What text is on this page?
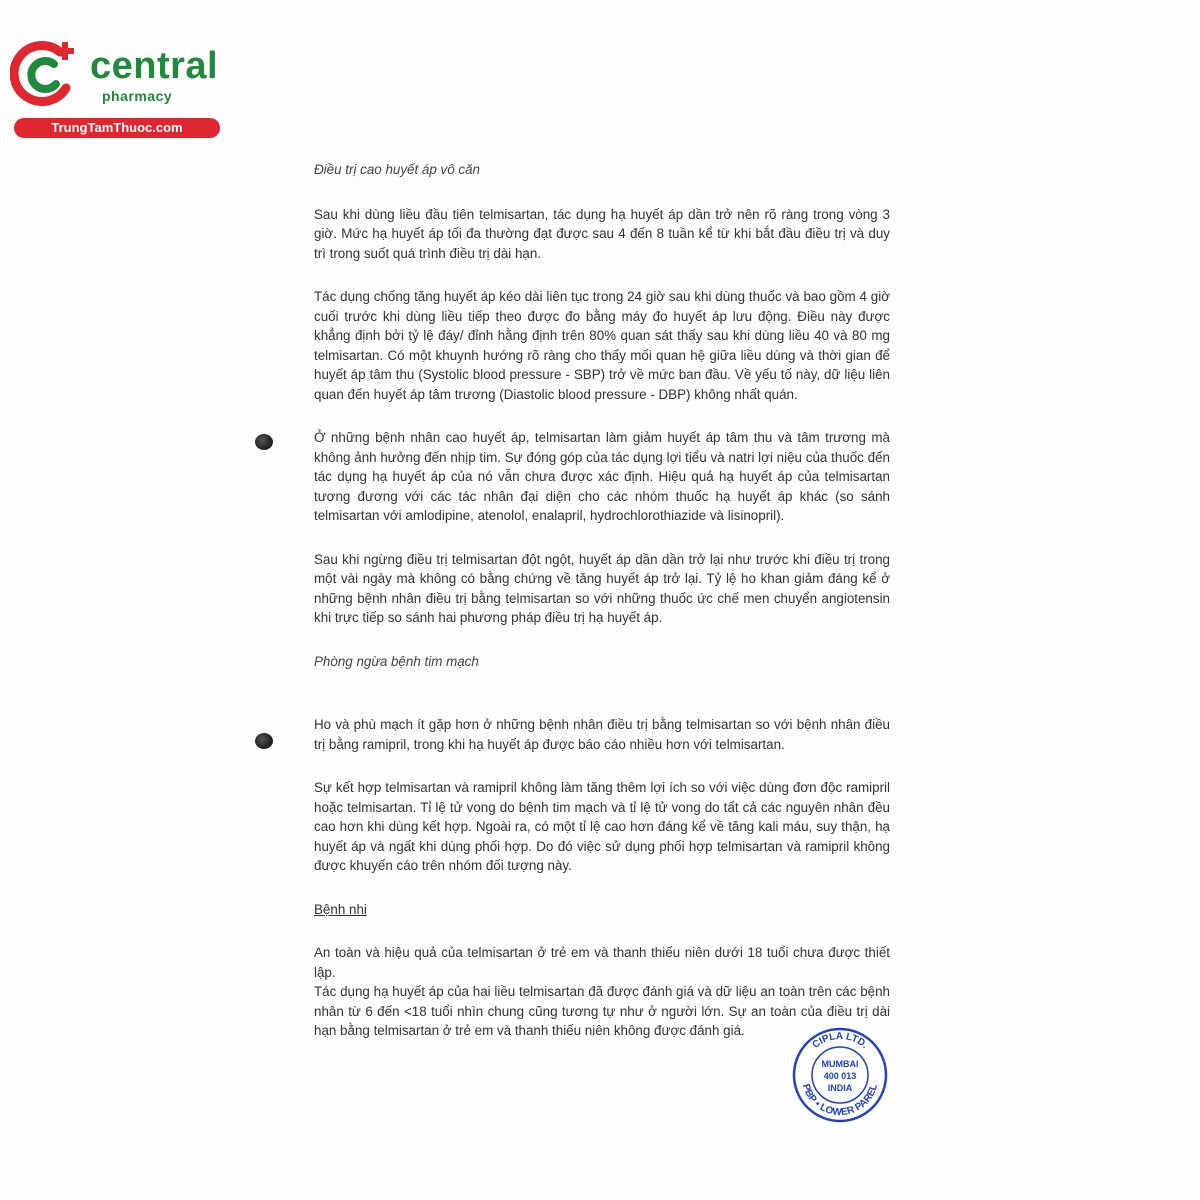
central
pharmacy
TrungTamThuoc.com

Điều trị cao huyết áp vô căn

Sau khi dùng liều đầu tiên telmisartan, tác dụng hạ huyết áp dần trở nên rõ ràng trong vòng 3 giờ. Mức hạ huyết áp tối đa thường đạt được sau 4 đến 8 tuần kể từ khi bắt đầu điều trị và duy trì trong suốt quá trình điều trị dài hạn.

Tác dụng chống tăng huyết áp kéo dài liên tục trong 24 giờ sau khi dùng thuốc và bao gồm 4 giờ cuối trước khi dùng liều tiếp theo được đo bằng máy đo huyết áp lưu động. Điều này được khẳng định bởi tỷ lệ đáy/ đỉnh hằng định trên 80% quan sát thấy sau khi dùng liều 40 và 80 mg telmisartan. Có một khuynh hướng rõ ràng cho thấy mối quan hệ giữa liều dùng và thời gian để huyết áp tâm thu (Systolic blood pressure - SBP) trở về mức ban đầu. Về yếu tố này, dữ liệu liên quan đến huyết áp tâm trương (Diastolic blood pressure - DBP) không nhất quán.

Ở những bệnh nhân cao huyết áp, telmisartan làm giảm huyết áp tâm thu và tâm trương mà không ảnh hưởng đến nhịp tim. Sự đóng góp của tác dụng lợi tiểu và natri lợi niệu của thuốc đến tác dụng hạ huyết áp của nó vẫn chưa được xác định. Hiệu quả hạ huyết áp của telmisartan tương đương với các tác nhân đại diện cho các nhóm thuốc hạ huyết áp khác (so sánh telmisartan với amlodipine, atenolol, enalapril, hydrochlorothiazide và lisinopril).

Sau khi ngừng điều trị telmisartan đột ngột, huyết áp dần dần trở lại như trước khi điều trị trong một vài ngày mà không có bằng chứng về tăng huyết áp trở lại. Tỷ lệ ho khan giảm đáng kể ở những bệnh nhân điều trị bằng telmisartan so với những thuốc ức chế men chuyển angiotensin khi trực tiếp so sánh hai phương pháp điều trị hạ huyết áp.

Phòng ngừa bệnh tim mạch

Ho và phù mạch ít gặp hơn ở những bệnh nhân điều trị bằng telmisartan so với bệnh nhân điều trị bằng ramipril, trong khi hạ huyết áp được báo cáo nhiều hơn với telmisartan.

Sự kết hợp telmisartan và ramipril không làm tăng thêm lợi ích so với việc dùng đơn độc ramipril hoặc telmisartan. Tỉ lệ tử vong do bệnh tim mạch và tỉ lệ tử vong do tất cả các nguyên nhân đều cao hơn khi dùng kết hợp. Ngoài ra, có một tỉ lệ cao hơn đáng kể về tăng kali máu, suy thận, hạ huyết áp và ngất khi dùng phối hợp. Do đó việc sử dụng phối hợp telmisartan và ramipril không được khuyến cáo trên nhóm đối tượng này.

Bệnh nhi

An toàn và hiệu quả của telmisartan ở trẻ em và thanh thiếu niên dưới 18 tuổi chưa được thiết lập.

Tác dụng hạ huyết áp của hai liều telmisartan đã được đánh giá và dữ liệu an toàn trên các bệnh nhân từ 6 đến <18 tuổi nhìn chung cũng tương tự như ở người lớn. Sự an toàn của điều trị dài hạn bằng telmisartan ở trẻ em và thanh thiếu niên không được đánh giá.

CIPLA LTD.
PBP • LOWER PAREL
MUMBAI
400 013
INDIA
